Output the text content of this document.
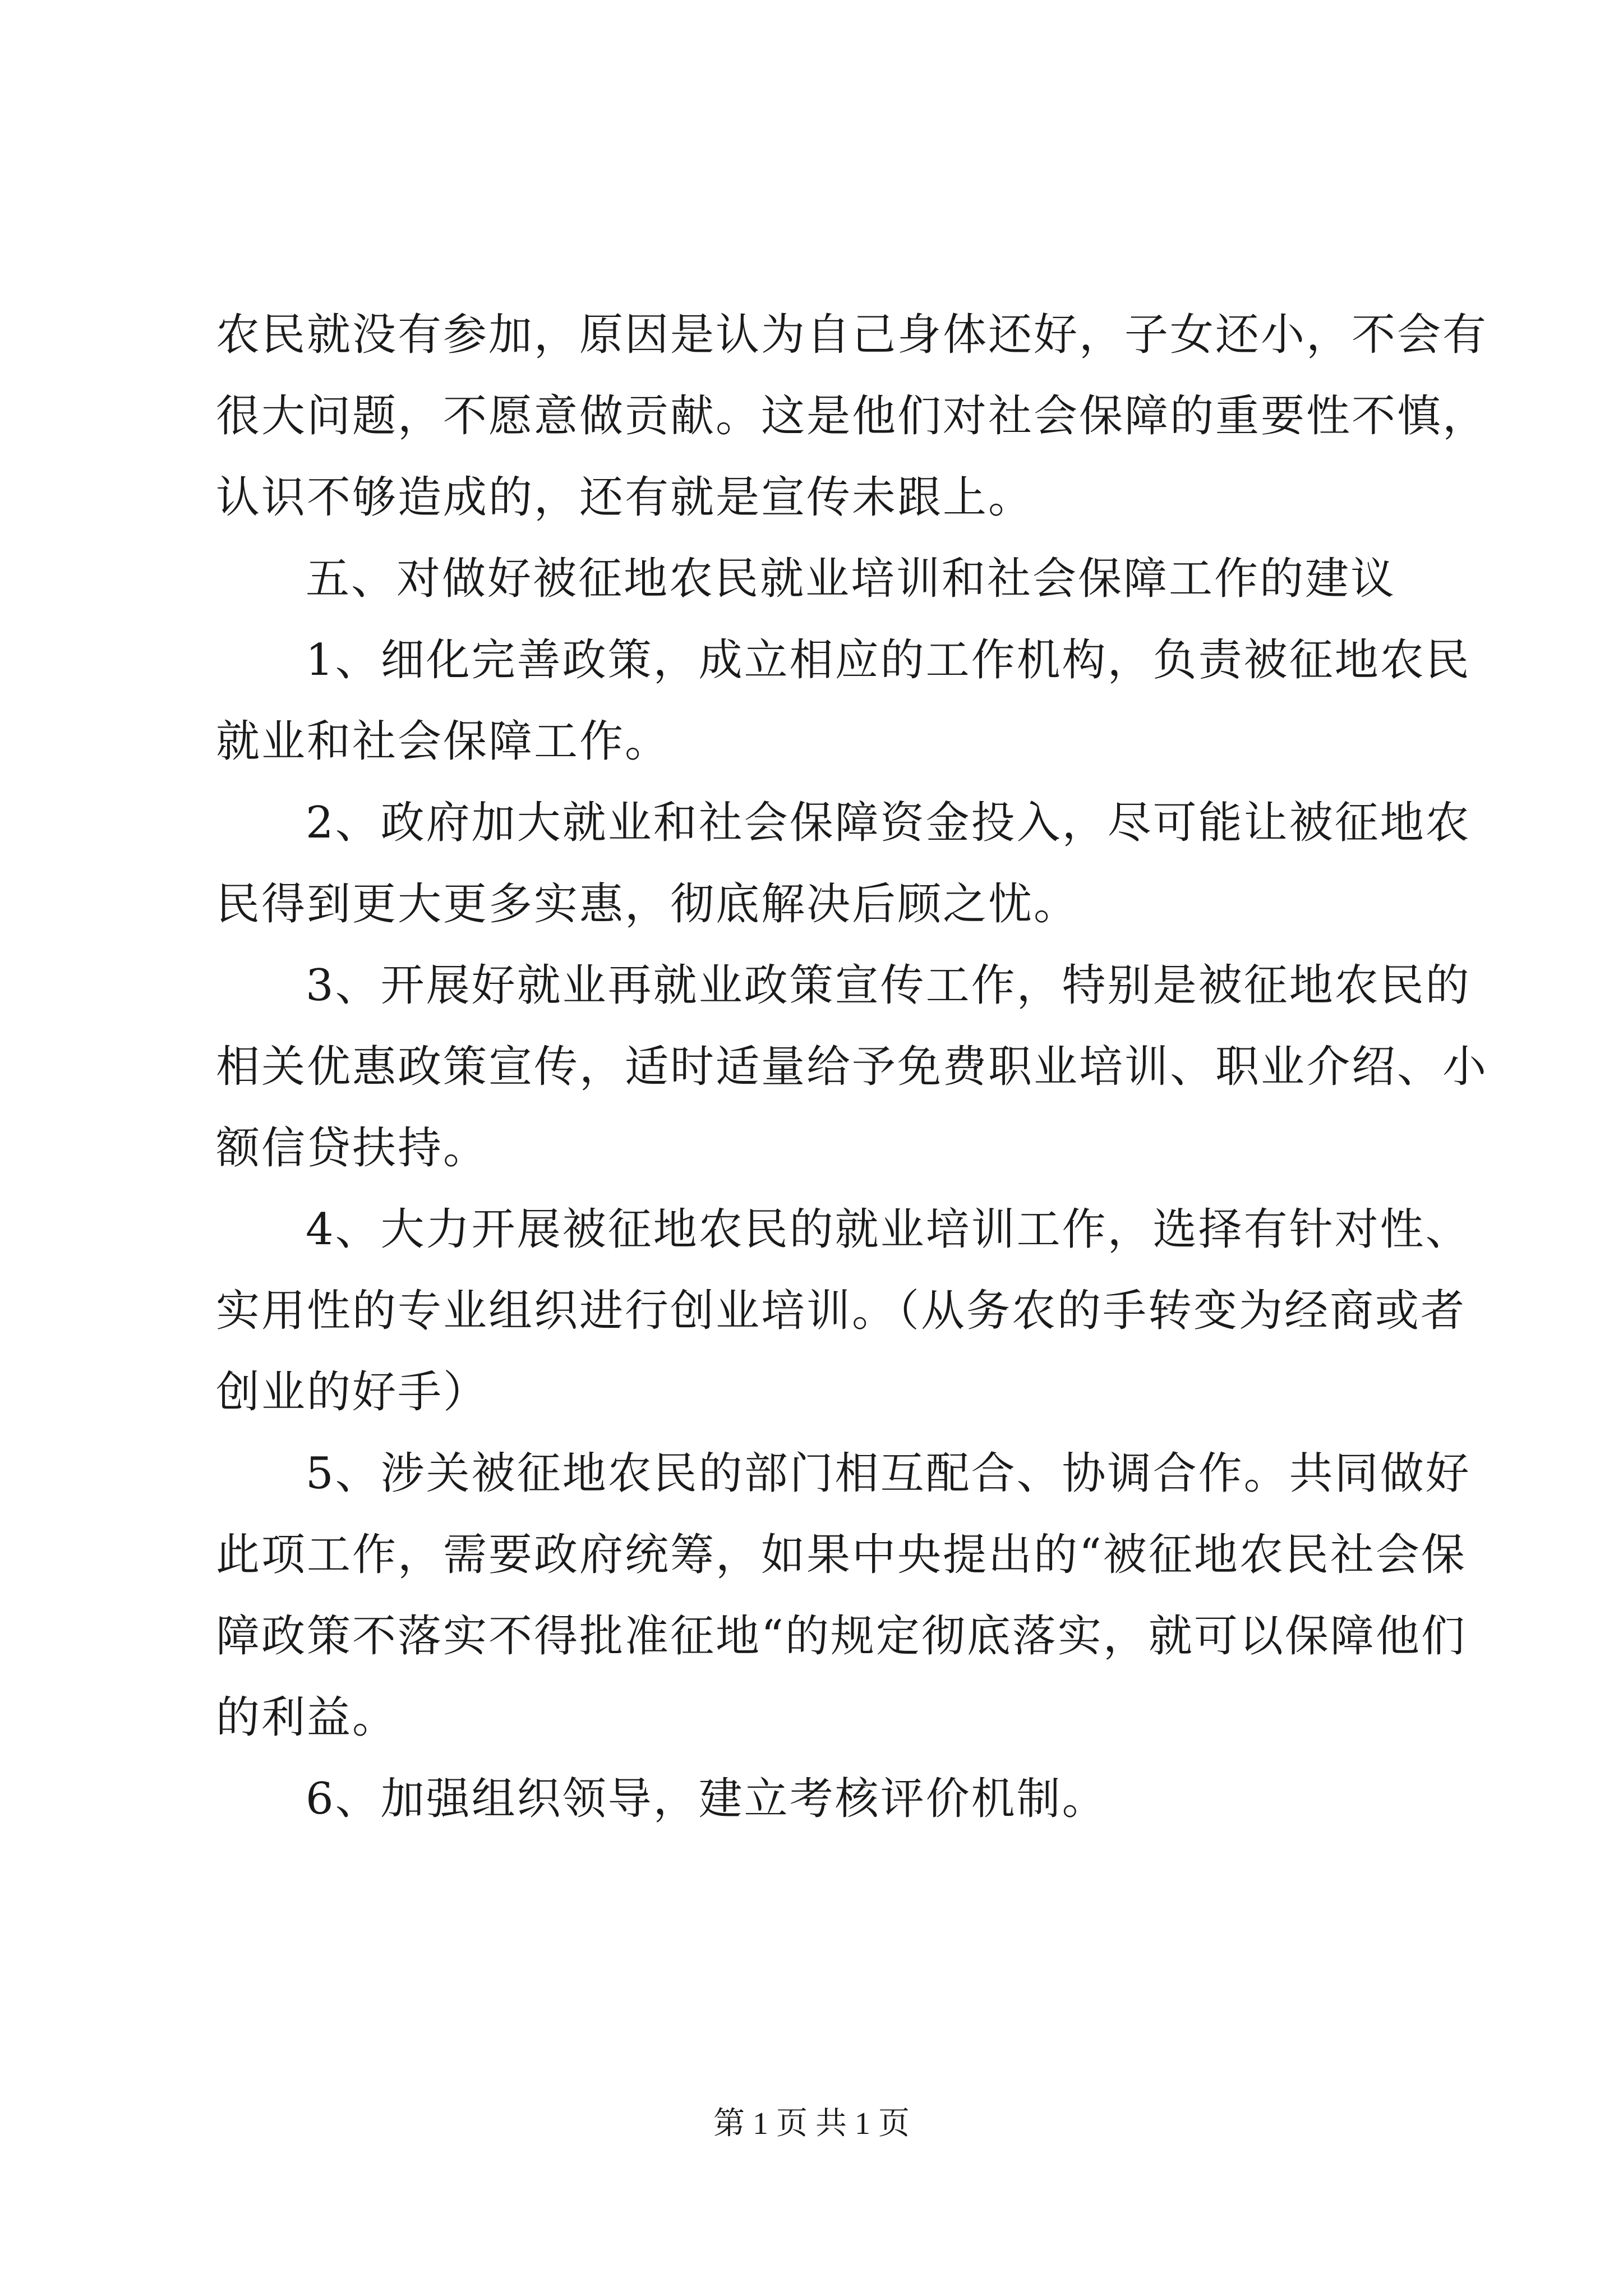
农民就没有参加，原因是认为自己身体还好，子女还小，不会有
很大问题，不愿意做贡献。这是他们对社会保障的重要性不慎，
认识不够造成的，还有就是宣传未跟上。
五、对做好被征地农民就业培训和社会保障工作的建议
1、细化完善政策，成立相应的工作机构，负责被征地农民
就业和社会保障工作。
2、政府加大就业和社会保障资金投入，尽可能让被征地农
民得到更大更多实惠，彻底解决后顾之忧。
3、开展好就业再就业政策宣传工作，特别是被征地农民的
相关优惠政策宣传，适时适量给予免费职业培训、职业介绍、小
额信贷扶持。
4、大力开展被征地农民的就业培训工作，选择有针对性、
实用性的专业组织进行创业培训。（从务农的手转变为经商或者
创业的好手）
5、涉关被征地农民的部门相互配合、协调合作。共同做好
此项工作，需要政府统筹，如果中央提出的“被征地农民社会保
障政策不落实不得批准征地“的规定彻底落实，就可以保障他们
的利益。
6、加强组织领导，建立考核评价机制。
第 1 页 共 1 页
